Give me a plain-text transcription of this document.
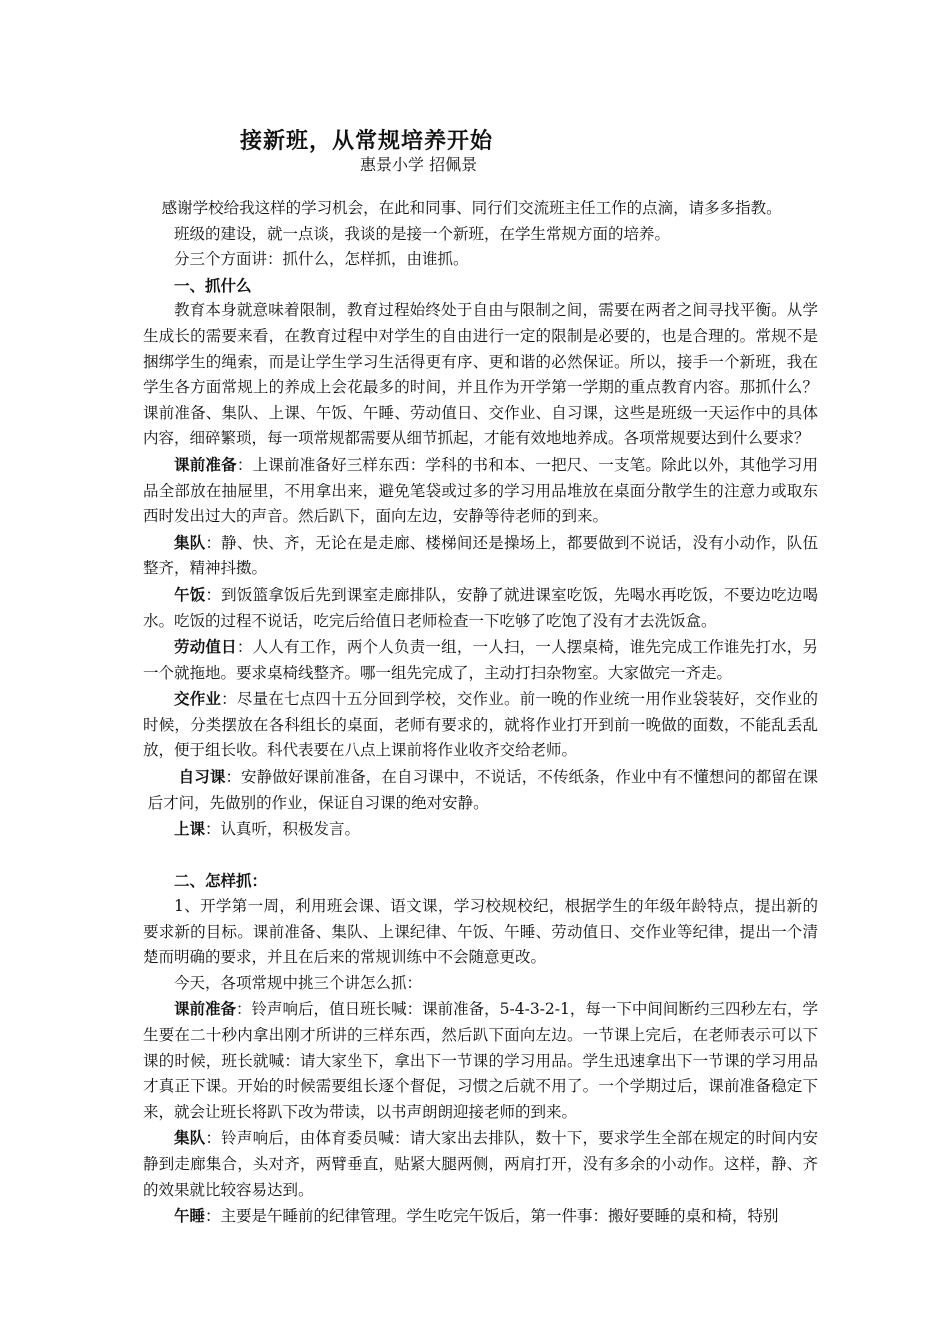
接新班，从常规培养开始
惠景小学 招佩景

感谢学校给我这样的学习机会，在此和同事、同行们交流班主任工作的点滴，请多多指教。

班级的建设，就一点谈，我谈的是接一个新班，在学生常规方面的培养。

分三个方面讲：抓什么，怎样抓，由谁抓。

一、抓什么

教育本身就意味着限制，教育过程始终处于自由与限制之间，需要在两者之间寻找平衡。从学生成长的需要来看，在教育过程中对学生的自由进行一定的限制是必要的，也是合理的。常规不是捆绑学生的绳索，而是让学生学习生活得更有序、更和谐的必然保证。所以，接手一个新班，我在学生各方面常规上的养成上会花最多的时间，并且作为开学第一学期的重点教育内容。那抓什么？课前准备、集队、上课、午饭、午睡、劳动值日、交作业、自习课，这些是班级一天运作中的具体内容，细碎繁琐，每一项常规都需要从细节抓起，才能有效地地养成。各项常规要达到什么要求？

课前准备：上课前准备好三样东西：学科的书和本、一把尺、一支笔。除此以外，其他学习用品全部放在抽屉里，不用拿出来，避免笔袋或过多的学习用品堆放在桌面分散学生的注意力或取东西时发出过大的声音。然后趴下，面向左边，安静等待老师的到来。

集队：静、快、齐，无论在是走廊、楼梯间还是操场上，都要做到不说话，没有小动作，队伍整齐，精神抖擞。

午饭：到饭篮拿饭后先到课室走廊排队，安静了就进课室吃饭，先喝水再吃饭，不要边吃边喝水。吃饭的过程不说话，吃完后给值日老师检查一下吃够了吃饱了没有才去洗饭盒。

劳动值日：人人有工作，两个人负责一组，一人扫，一人摆桌椅，谁先完成工作谁先打水，另一个就拖地。要求桌椅线整齐。哪一组先完成了，主动打扫杂物室。大家做完一齐走。

交作业：尽量在七点四十五分回到学校，交作业。前一晚的作业统一用作业袋装好，交作业的时候，分类摆放在各科组长的桌面，老师有要求的，就将作业打开到前一晚做的面数，不能乱丢乱放，便于组长收。科代表要在八点上课前将作业收齐交给老师。

自习课：安静做好课前准备，在自习课中，不说话，不传纸条，作业中有不懂想问的都留在课后才问，先做别的作业，保证自习课的绝对安静。

上课：认真听，积极发言。

二、怎样抓：

1、开学第一周，利用班会课、语文课，学习校规校纪，根据学生的年级年龄特点，提出新的要求新的目标。课前准备、集队、上课纪律、午饭、午睡、劳动值日、交作业等纪律，提出一个清楚而明确的要求，并且在后来的常规训练中不会随意更改。

今天，各项常规中挑三个讲怎么抓：

课前准备：铃声响后，值日班长喊：课前准备，5-4-3-2-1，每一下中间间断约三四秒左右，学生要在二十秒内拿出刚才所讲的三样东西，然后趴下面向左边。一节课上完后，在老师表示可以下课的时候，班长就喊：请大家坐下，拿出下一节课的学习用品。学生迅速拿出下一节课的学习用品才真正下课。开始的时候需要组长逐个督促，习惯之后就不用了。一个学期过后，课前准备稳定下来，就会让班长将趴下改为带读，以书声朗朗迎接老师的到来。

集队：铃声响后，由体育委员喊：请大家出去排队，数十下，要求学生全部在规定的时间内安静到走廊集合，头对齐，两臂垂直，贴紧大腿两侧，两肩打开，没有多余的小动作。这样，静、齐的效果就比较容易达到。

午睡：主要是午睡前的纪律管理。学生吃完午饭后，第一件事：搬好要睡的桌和椅，特别
